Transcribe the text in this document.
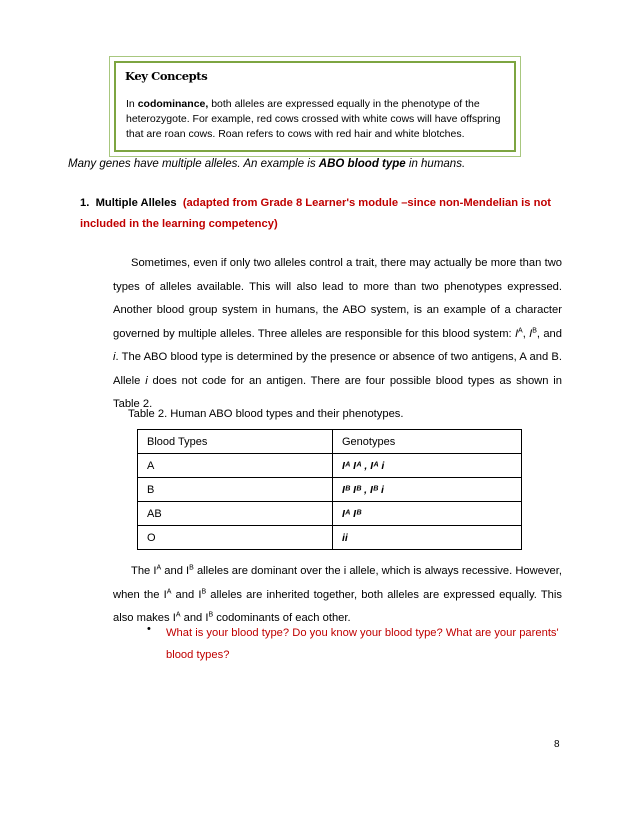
Key Concepts
In codominance, both alleles are expressed equally in the phenotype of the heterozygote. For example, red cows crossed with white cows will have offspring that are roan cows. Roan refers to cows with red hair and white blotches.
Many genes have multiple alleles. An example is ABO blood type in humans.
1. Multiple Alleles (adapted from Grade 8 Learner's module –since non-Mendelian is not included in the learning competency)

Sometimes, even if only two alleles control a trait, there may actually be more than two types of alleles available. This will also lead to more than two phenotypes expressed. Another blood group system in humans, the ABO system, is an example of a character governed by multiple alleles. Three alleles are responsible for this blood system: $I^A$, $I^B$, and i. The ABO blood type is determined by the presence or absence of two antigens, A and B. Allele i does not code for an antigen. There are four possible blood types as shown in Table 2.

Table 2. Human ABO blood types and their phenotypes.
Blood Types	Genotypes
A	Iᴬ Iᴬ , Iᴬ i
B	Iᴮ Iᴮ , Iᴮ i
AB	Iᴬ Iᴮ
O	ii

The $I^A$ and $I^B$ alleles are dominant over the i allele, which is always recessive. However, when the $I^A$ and $I^B$ alleles are inherited together, both alleles are expressed equally. This also makes $I^A$ and $I^B$ codominants of each other.

• What is your blood type? Do you know your blood type? What are your parents' blood types?
8
